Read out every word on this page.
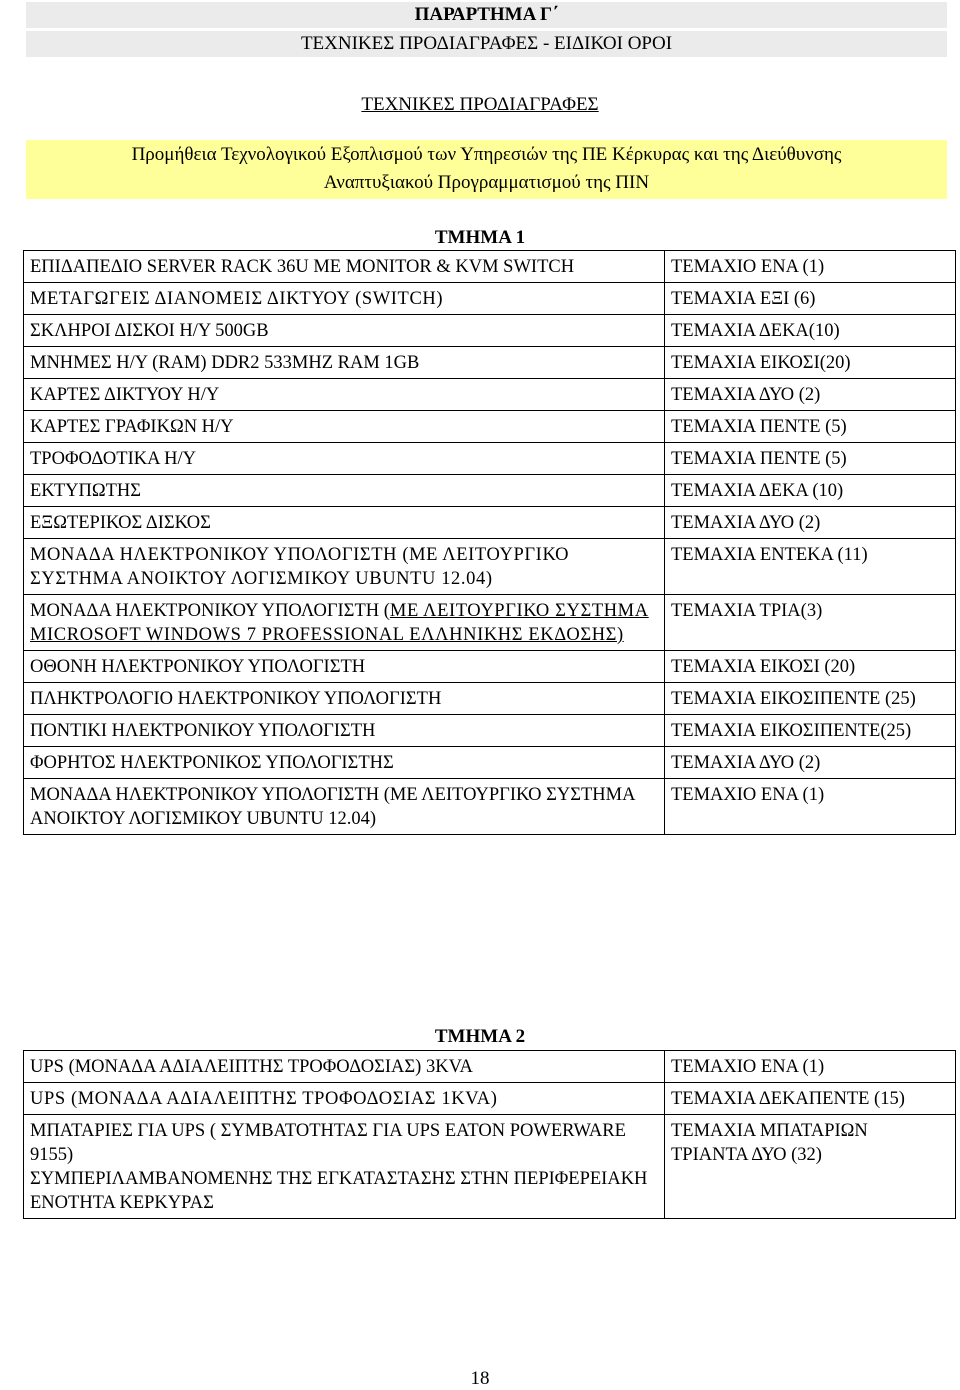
ΠΑΡΑΡΤΗΜΑ Γ΄
ΤΕΧΝΙΚΕΣ ΠΡΟΔΙΑΓΡΑΦΕΣ - ΕΙΔΙΚΟΙ ΟΡΟΙ
ΤΕΧΝΙΚΕΣ ΠΡΟΔΙΑΓΡΑΦΕΣ
Προμήθεια Τεχνολογικού Εξοπλισμού των Υπηρεσιών της ΠΕ Κέρκυρας και της Διεύθυνσης
Αναπτυξιακού Προγραμματισμού της ΠΙΝ
ΤΜΗΜΑ 1
ΕΠΙΔΑΠΕΔΙΟ SERVER RACK 36U ME MONITOR & KVM SWITCH	ΤΕΜΑΧΙΟ ΕΝΑ (1)
ΜΕΤΑΓΩΓΕΙΣ ΔΙΑΝΟΜΕΙΣ ΔΙΚΤΥΟΥ (SWITCH)	ΤΕΜΑΧΙΑ ΕΞΙ (6)
ΣΚΛΗΡΟΙ ΔΙΣΚΟΙ Η/Υ 500GB	ΤΕΜΑΧΙΑ ΔΕΚΑ(10)
ΜΝΗΜΕΣ Η/Υ (RAM) DDR2 533MHZ RAM 1GB	ΤΕΜΑΧΙΑ ΕΙΚΟΣΙ(20)
ΚΑΡΤΕΣ ΔΙΚΤΥΟΥ Η/Υ	ΤΕΜΑΧΙΑ ΔΥΟ (2)
ΚΑΡΤΕΣ ΓΡΑΦΙΚΩΝ Η/Υ	ΤΕΜΑΧΙΑ ΠΕΝΤΕ (5)
ΤΡΟΦΟΔΟΤΙΚΑ Η/Υ	ΤΕΜΑΧΙΑ ΠΕΝΤΕ (5)
ΕΚΤΥΠΩΤΗΣ	ΤΕΜΑΧΙΑ ΔΕΚΑ (10)
ΕΞΩΤΕΡΙΚΟΣ ΔΙΣΚΟΣ	ΤΕΜΑΧΙΑ ΔΥΟ (2)
ΜΟΝΑΔΑ ΗΛΕΚΤΡΟΝΙΚΟΥ ΥΠΟΛΟΓΙΣΤΗ (ΜΕ ΛΕΙΤΟΥΡΓΙΚΟ ΣΥΣΤΗΜΑ ΑΝΟΙΚΤΟΥ ΛΟΓΙΣΜΙΚΟΥ UBUNTU 12.04)	ΤΕΜΑΧΙΑ ΕΝΤΕΚΑ (11)
ΜΟΝΑΔΑ ΗΛΕΚΤΡΟΝΙΚΟΥ ΥΠΟΛΟΓΙΣΤΗ (ΜΕ ΛΕΙΤΟΥΡΓΙΚΟ ΣΥΣΤΗΜΑ MICROSOFT WINDOWS 7 PROFESSIONAL ΕΛΛΗΝΙΚΗΣ ΕΚΔΟΣΗΣ)	ΤΕΜΑΧΙΑ ΤΡΙΑ(3)
ΟΘΟΝΗ ΗΛΕΚΤΡΟΝΙΚΟΥ ΥΠΟΛΟΓΙΣΤΗ	ΤΕΜΑΧΙΑ ΕΙΚΟΣΙ (20)
ΠΛΗΚΤΡΟΛΟΓΙΟ ΗΛΕΚΤΡΟΝΙΚΟΥ ΥΠΟΛΟΓΙΣΤΗ	ΤΕΜΑΧΙΑ ΕΙΚΟΣΙΠΕΝΤΕ (25)
ΠΟΝΤΙΚΙ ΗΛΕΚΤΡΟΝΙΚΟΥ ΥΠΟΛΟΓΙΣΤΗ	ΤΕΜΑΧΙΑ ΕΙΚΟΣΙΠΕΝΤΕ(25)
ΦΟΡΗΤΟΣ ΗΛΕΚΤΡΟΝΙΚΟΣ ΥΠΟΛΟΓΙΣΤΗΣ	ΤΕΜΑΧΙΑ ΔΥΟ (2)
ΜΟΝΑΔΑ ΗΛΕΚΤΡΟΝΙΚΟΥ ΥΠΟΛΟΓΙΣΤΗ (ΜΕ ΛΕΙΤΟΥΡΓΙΚΟ ΣΥΣΤΗΜΑ ΑΝΟΙΚΤΟΥ ΛΟΓΙΣΜΙΚΟΥ UBUNTU 12.04)	ΤΕΜΑΧΙΟ ΕΝΑ (1)
ΤΜΗΜΑ 2
UPS (ΜΟΝΑΔΑ ΑΔΙΑΛΕΙΠΤΗΣ ΤΡΟΦΟΔΟΣΙΑΣ) 3KVA	ΤΕΜΑΧΙΟ ΕΝΑ (1)
UPS (ΜΟΝΑΔΑ ΑΔΙΑΛΕΙΠΤΗΣ ΤΡΟΦΟΔΟΣΙΑΣ 1KVA)	ΤΕΜΑΧΙΑ ΔΕΚΑΠΕΝΤΕ (15)

ΜΠΑΤΑΡΙΕΣ ΓΙΑ UPS ( ΣΥΜΒΑΤΟΤΗΤΑΣ ΓΙΑ UPS EATON POWERWARE 9155)
ΣΥΜΠΕΡΙΛΑΜΒΑΝΟΜΕΝΗΣ ΤΗΣ ΕΓΚΑΤΑΣΤΑΣΗΣ ΣΤΗΝ ΠΕΡΙΦΕΡΕΙΑΚΗ ΕΝΟΤΗΤΑ ΚΕΡΚΥΡΑΣ	ΤΕΜΑΧΙΑ ΜΠΑΤΑΡΙΩΝ ΤΡΙΑΝΤΑ ΔΥΟ (32)
18
